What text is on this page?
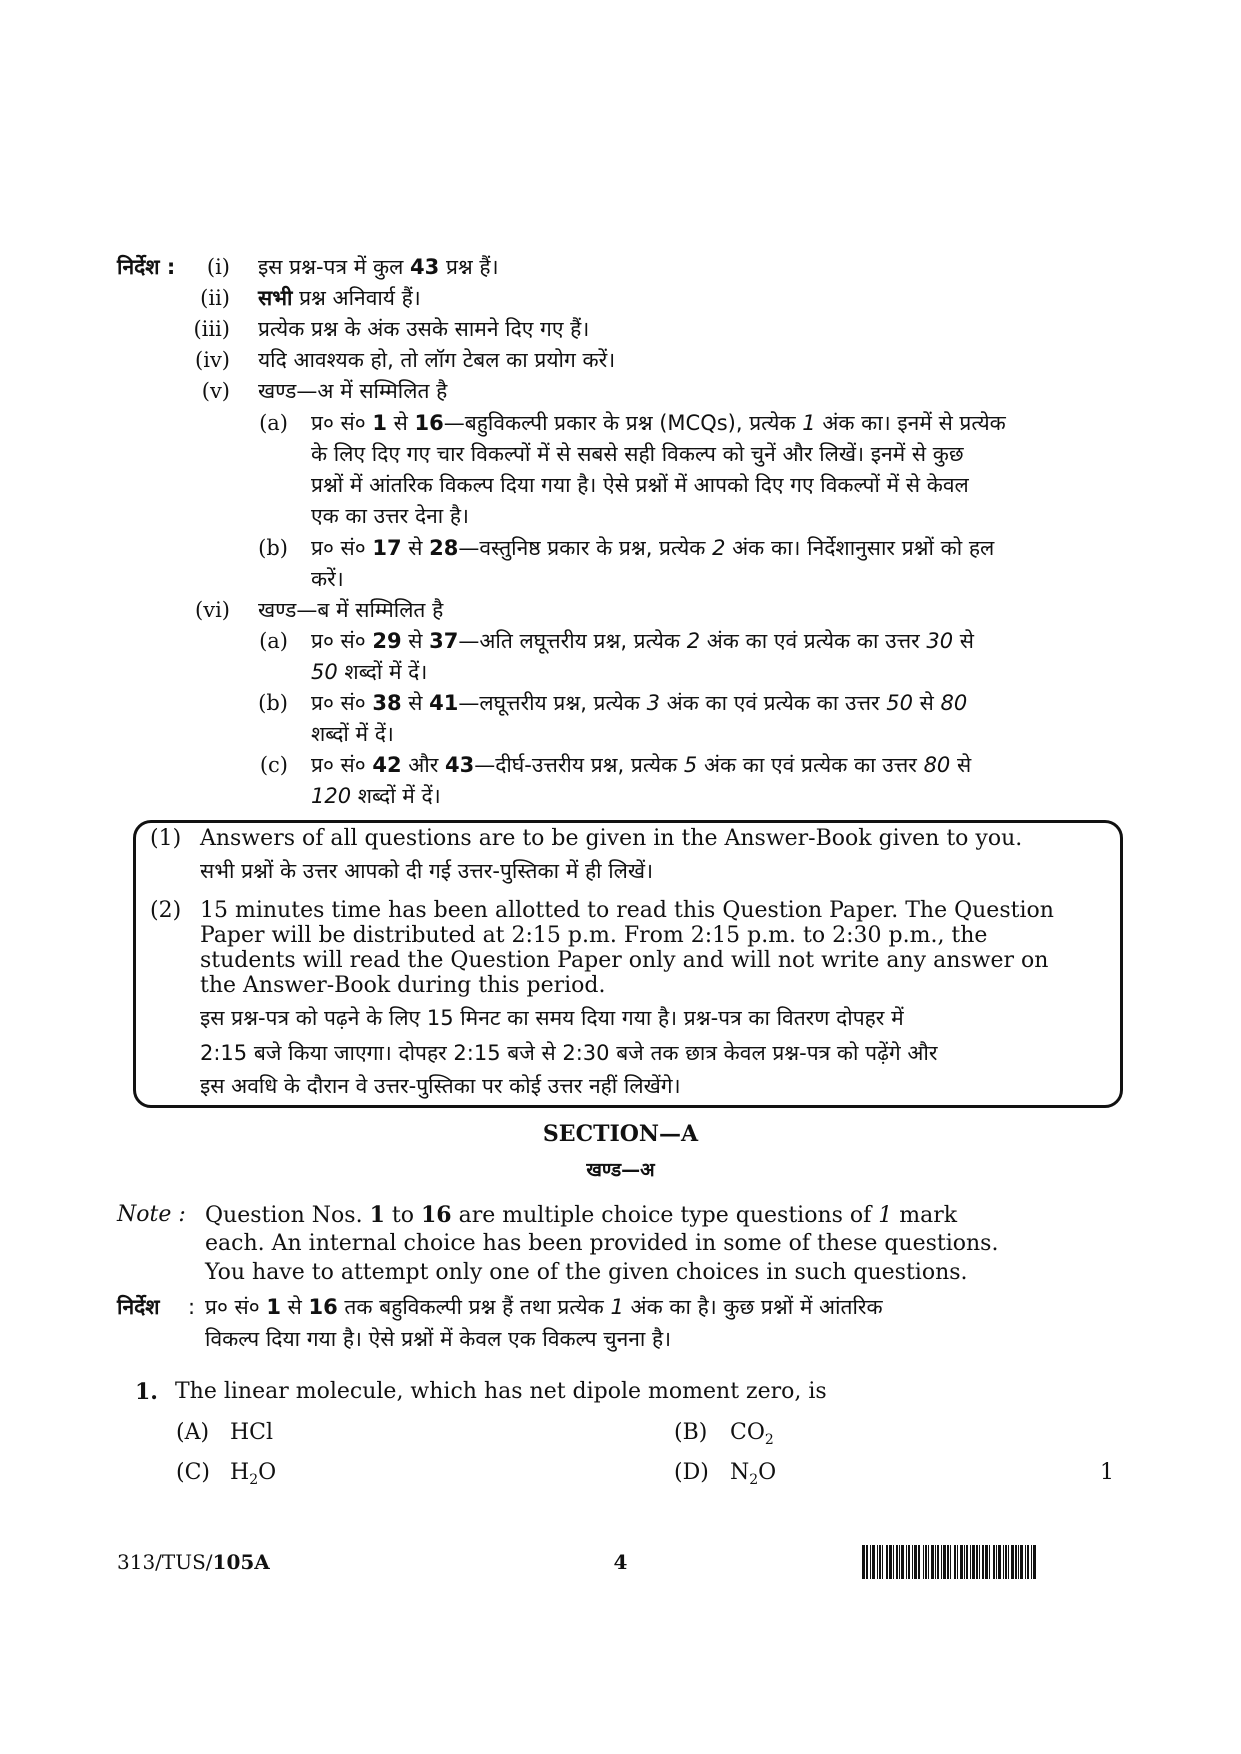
निर्देश :	(i) इस प्रश्न-पत्र में कुल 43 प्रश्न हैं।
(ii) सभी प्रश्न अनिवार्य हैं।
(iii) प्रत्येक प्रश्न के अंक उसके सामने दिए गए हैं।
(iv) यदि आवश्यक हो, तो लॉग टेबल का प्रयोग करें।
(v) खण्ड—अ में सम्मिलित है
(a) प्र० सं० 1 से 16—बहुविकल्पी प्रकार के प्रश्न (MCQs), प्रत्येक 1 अंक का। इनमें से प्रत्येक
के लिए दिए गए चार विकल्पों में से सबसे सही विकल्प को चुनें और लिखें। इनमें से कुछ
प्रश्नों में आंतरिक विकल्प दिया गया है। ऐसे प्रश्नों में आपको दिए गए विकल्पों में से केवल
एक का उत्तर देना है।
(b) प्र० सं० 17 से 28—वस्तुनिष्ठ प्रकार के प्रश्न, प्रत्येक 2 अंक का। निर्देशानुसार प्रश्नों को हल
करें।
(vi) खण्ड—ब में सम्मिलित है
(a) प्र० सं० 29 से 37—अति लघूत्तरीय प्रश्न, प्रत्येक 2 अंक का एवं प्रत्येक का उत्तर 30 से
50 शब्दों में दें।
(b) प्र० सं० 38 से 41—लघूत्तरीय प्रश्न, प्रत्येक 3 अंक का एवं प्रत्येक का उत्तर 50 से 80
शब्दों में दें।
(c) प्र० सं० 42 और 43—दीर्घ-उत्तरीय प्रश्न, प्रत्येक 5 अंक का एवं प्रत्येक का उत्तर 80 से
120 शब्दों में दें।
(1) Answers of all questions are to be given in the Answer-Book given to you.
सभी प्रश्नों के उत्तर आपको दी गई उत्तर-पुस्तिका में ही लिखें।
(2) 15 minutes time has been allotted to read this Question Paper. The Question
Paper will be distributed at 2:15 p.m. From 2:15 p.m. to 2:30 p.m., the
students will read the Question Paper only and will not write any answer on
the Answer-Book during this period.
इस प्रश्न-पत्र को पढ़ने के लिए 15 मिनट का समय दिया गया है। प्रश्न-पत्र का वितरण दोपहर में
2:15 बजे किया जाएगा। दोपहर 2:15 बजे से 2:30 बजे तक छात्र केवल प्रश्न-पत्र को पढ़ेंगे और
इस अवधि के दौरान वे उत्तर-पुस्तिका पर कोई उत्तर नहीं लिखेंगे।
SECTION—A
खण्ड—अ
Note : Question Nos. 1 to 16 are multiple choice type questions of 1 mark
each. An internal choice has been provided in some of these questions.
You have to attempt only one of the given choices in such questions.
निर्देश : प्र० सं० 1 से 16 तक बहुविकल्पी प्रश्न हैं तथा प्रत्येक 1 अंक का है। कुछ प्रश्नों में आंतरिक
विकल्प दिया गया है। ऐसे प्रश्नों में केवल एक विकल्प चुनना है।
1. The linear molecule, which has net dipole moment zero, is
(A) HCl	(B) $CO_2$
(C) $H_2O$	(D) $N_2O$	1
313/TUS/105A	4
